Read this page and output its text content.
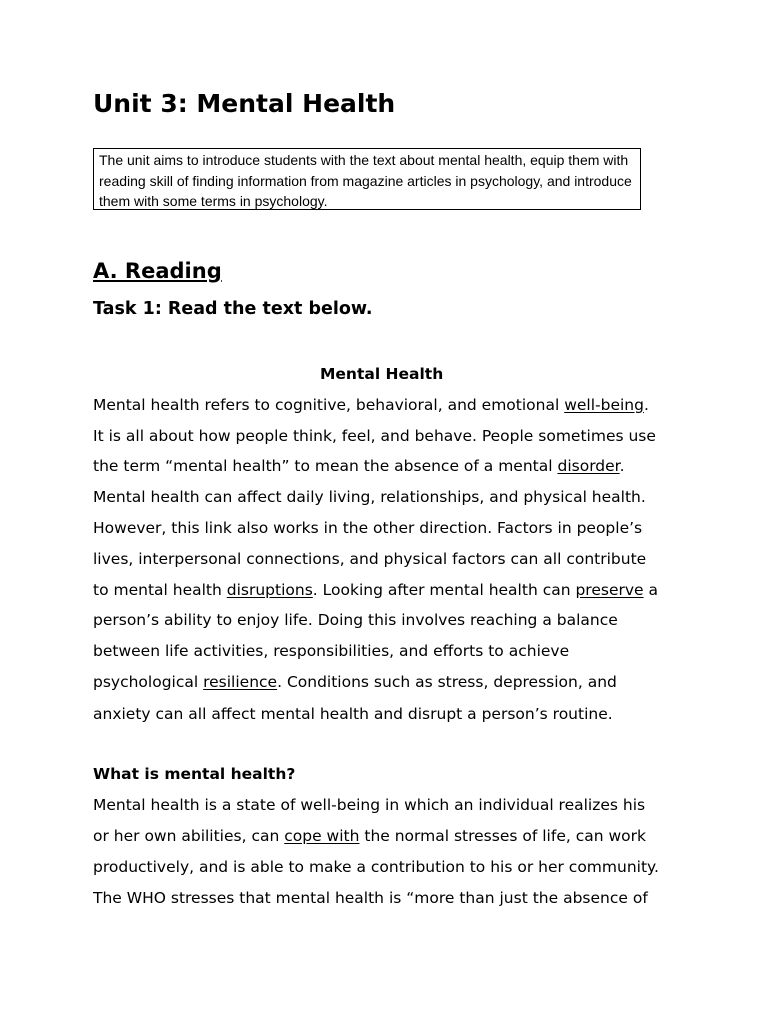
Unit 3: Mental Health
The unit aims to introduce students with the text about mental health, equip them with reading skill of finding information from magazine articles in psychology, and introduce them with some terms in psychology.
A. Reading
Task 1: Read the text below.
Mental Health

Mental health refers to cognitive, behavioral, and emotional well-being.

It is all about how people think, feel, and behave. People sometimes use

the term “mental health” to mean the absence of a mental disorder.

Mental health can affect daily living, relationships, and physical health.

However, this link also works in the other direction. Factors in people’s

lives, interpersonal connections, and physical factors can all contribute

to mental health disruptions. Looking after mental health can preserve a

person’s ability to enjoy life. Doing this involves reaching a balance

between life activities, responsibilities, and efforts to achieve

psychological resilience. Conditions such as stress, depression, and

anxiety can all affect mental health and disrupt a person’s routine.

What is mental health?

Mental health is a state of well-being in which an individual realizes his

or her own abilities, can cope with the normal stresses of life, can work

productively, and is able to make a contribution to his or her community.

The WHO stresses that mental health is “more than just the absence of
